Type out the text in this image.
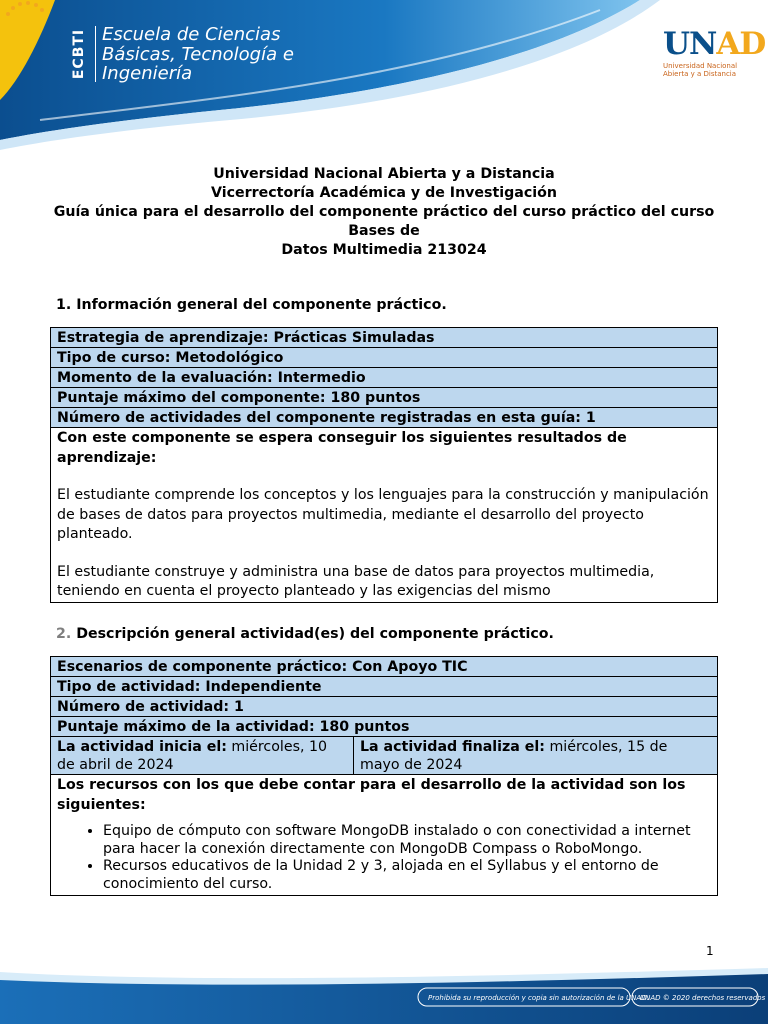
ECBTI Escuela de Ciencias
Básicas, Tecnología e
Ingeniería
UNAD
Universidad Nacional Abierta y a Distancia
Universidad Nacional Abierta y a Distancia
Vicerrectoría Académica y de Investigación
Guía única para el desarrollo del componente práctico del curso práctico del curso Bases de
Datos Multimedia 213024
1. Información general del componente práctico.
Estrategia de aprendizaje: Prácticas Simuladas
Tipo de curso: Metodológico
Momento de la evaluación: Intermedio
Puntaje máximo del componente: 180 puntos
Número de actividades del componente registradas en esta guía: 1

Con este componente se espera conseguir los siguientes resultados de aprendizaje:

El estudiante comprende los conceptos y los lenguajes para la construcción y manipulación de bases de datos para proyectos multimedia, mediante el desarrollo del proyecto planteado.

El estudiante construye y administra una base de datos para proyectos multimedia, teniendo en cuenta el proyecto planteado y las exigencias del mismo

2. Descripción general actividad(es) del componente práctico.
Escenarios de componente práctico: Con Apoyo TIC
Tipo de actividad: Independiente
Número de actividad: 1
Puntaje máximo de la actividad: 180 puntos
La actividad inicia el: miércoles, 10 de abril de 2024	La actividad finaliza el: miércoles, 15 de mayo de 2024

Los recursos con los que debe contar para el desarrollo de la actividad son los siguientes:

• Equipo de cómputo con software MongoDB instalado o con conectividad a internet para hacer la conexión directamente con MongoDB Compass o RoboMongo.
• Recursos educativos de la Unidad 2 y 3, alojada en el Syllabus y el entorno de conocimiento del curso.
1
Prohibida su reproducción y copia sin autorización de la UNAD.
UNAD © 2020 derechos reservados
